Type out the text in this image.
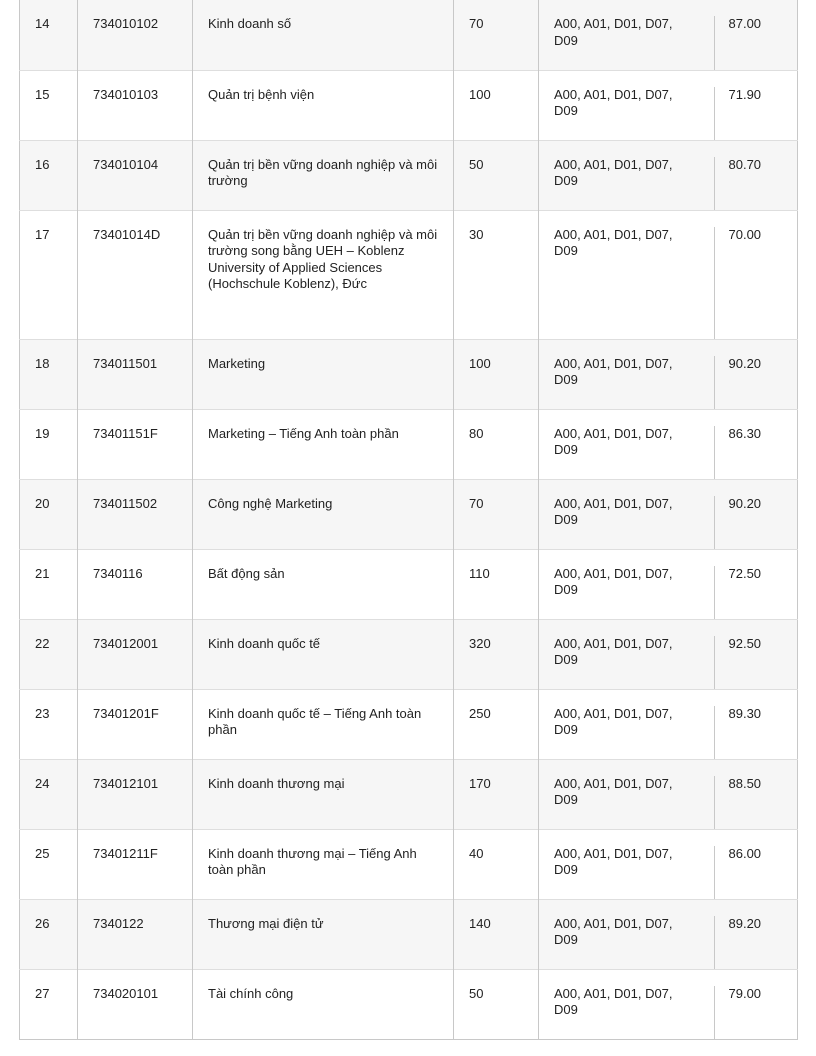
14	734010102	Kinh doanh số	70	A00, A01, D01, D07, D09	87.00
15	734010103	Quản trị bệnh viện	100	A00, A01, D01, D07, D09	71.90
16	734010104	Quản trị bền vững doanh nghiệp và môi trường	50	A00, A01, D01, D07, D09	80.70
17	73401014D	Quản trị bền vững doanh nghiệp và môi trường song bằng UEH – Koblenz University of Applied Sciences (Hochschule Koblenz), Đức	30	A00, A01, D01, D07, D09	70.00
18	734011501	Marketing	100	A00, A01, D01, D07, D09	90.20
19	73401151F	Marketing – Tiếng Anh toàn phần	80	A00, A01, D01, D07, D09	86.30
20	734011502	Công nghệ Marketing	70	A00, A01, D01, D07, D09	90.20
21	7340116	Bất động sản	110	A00, A01, D01, D07, D09	72.50
22	734012001	Kinh doanh quốc tế	320	A00, A01, D01, D07, D09	92.50
23	73401201F	Kinh doanh quốc tế – Tiếng Anh toàn phần	250	A00, A01, D01, D07, D09	89.30
24	734012101	Kinh doanh thương mại	170	A00, A01, D01, D07, D09	88.50
25	73401211F	Kinh doanh thương mại – Tiếng Anh toàn phần	40	A00, A01, D01, D07, D09	86.00
26	7340122	Thương mại điện tử	140	A00, A01, D01, D07, D09	89.20
27	734020101	Tài chính công	50	A00, A01, D01, D07, D09	79.00
